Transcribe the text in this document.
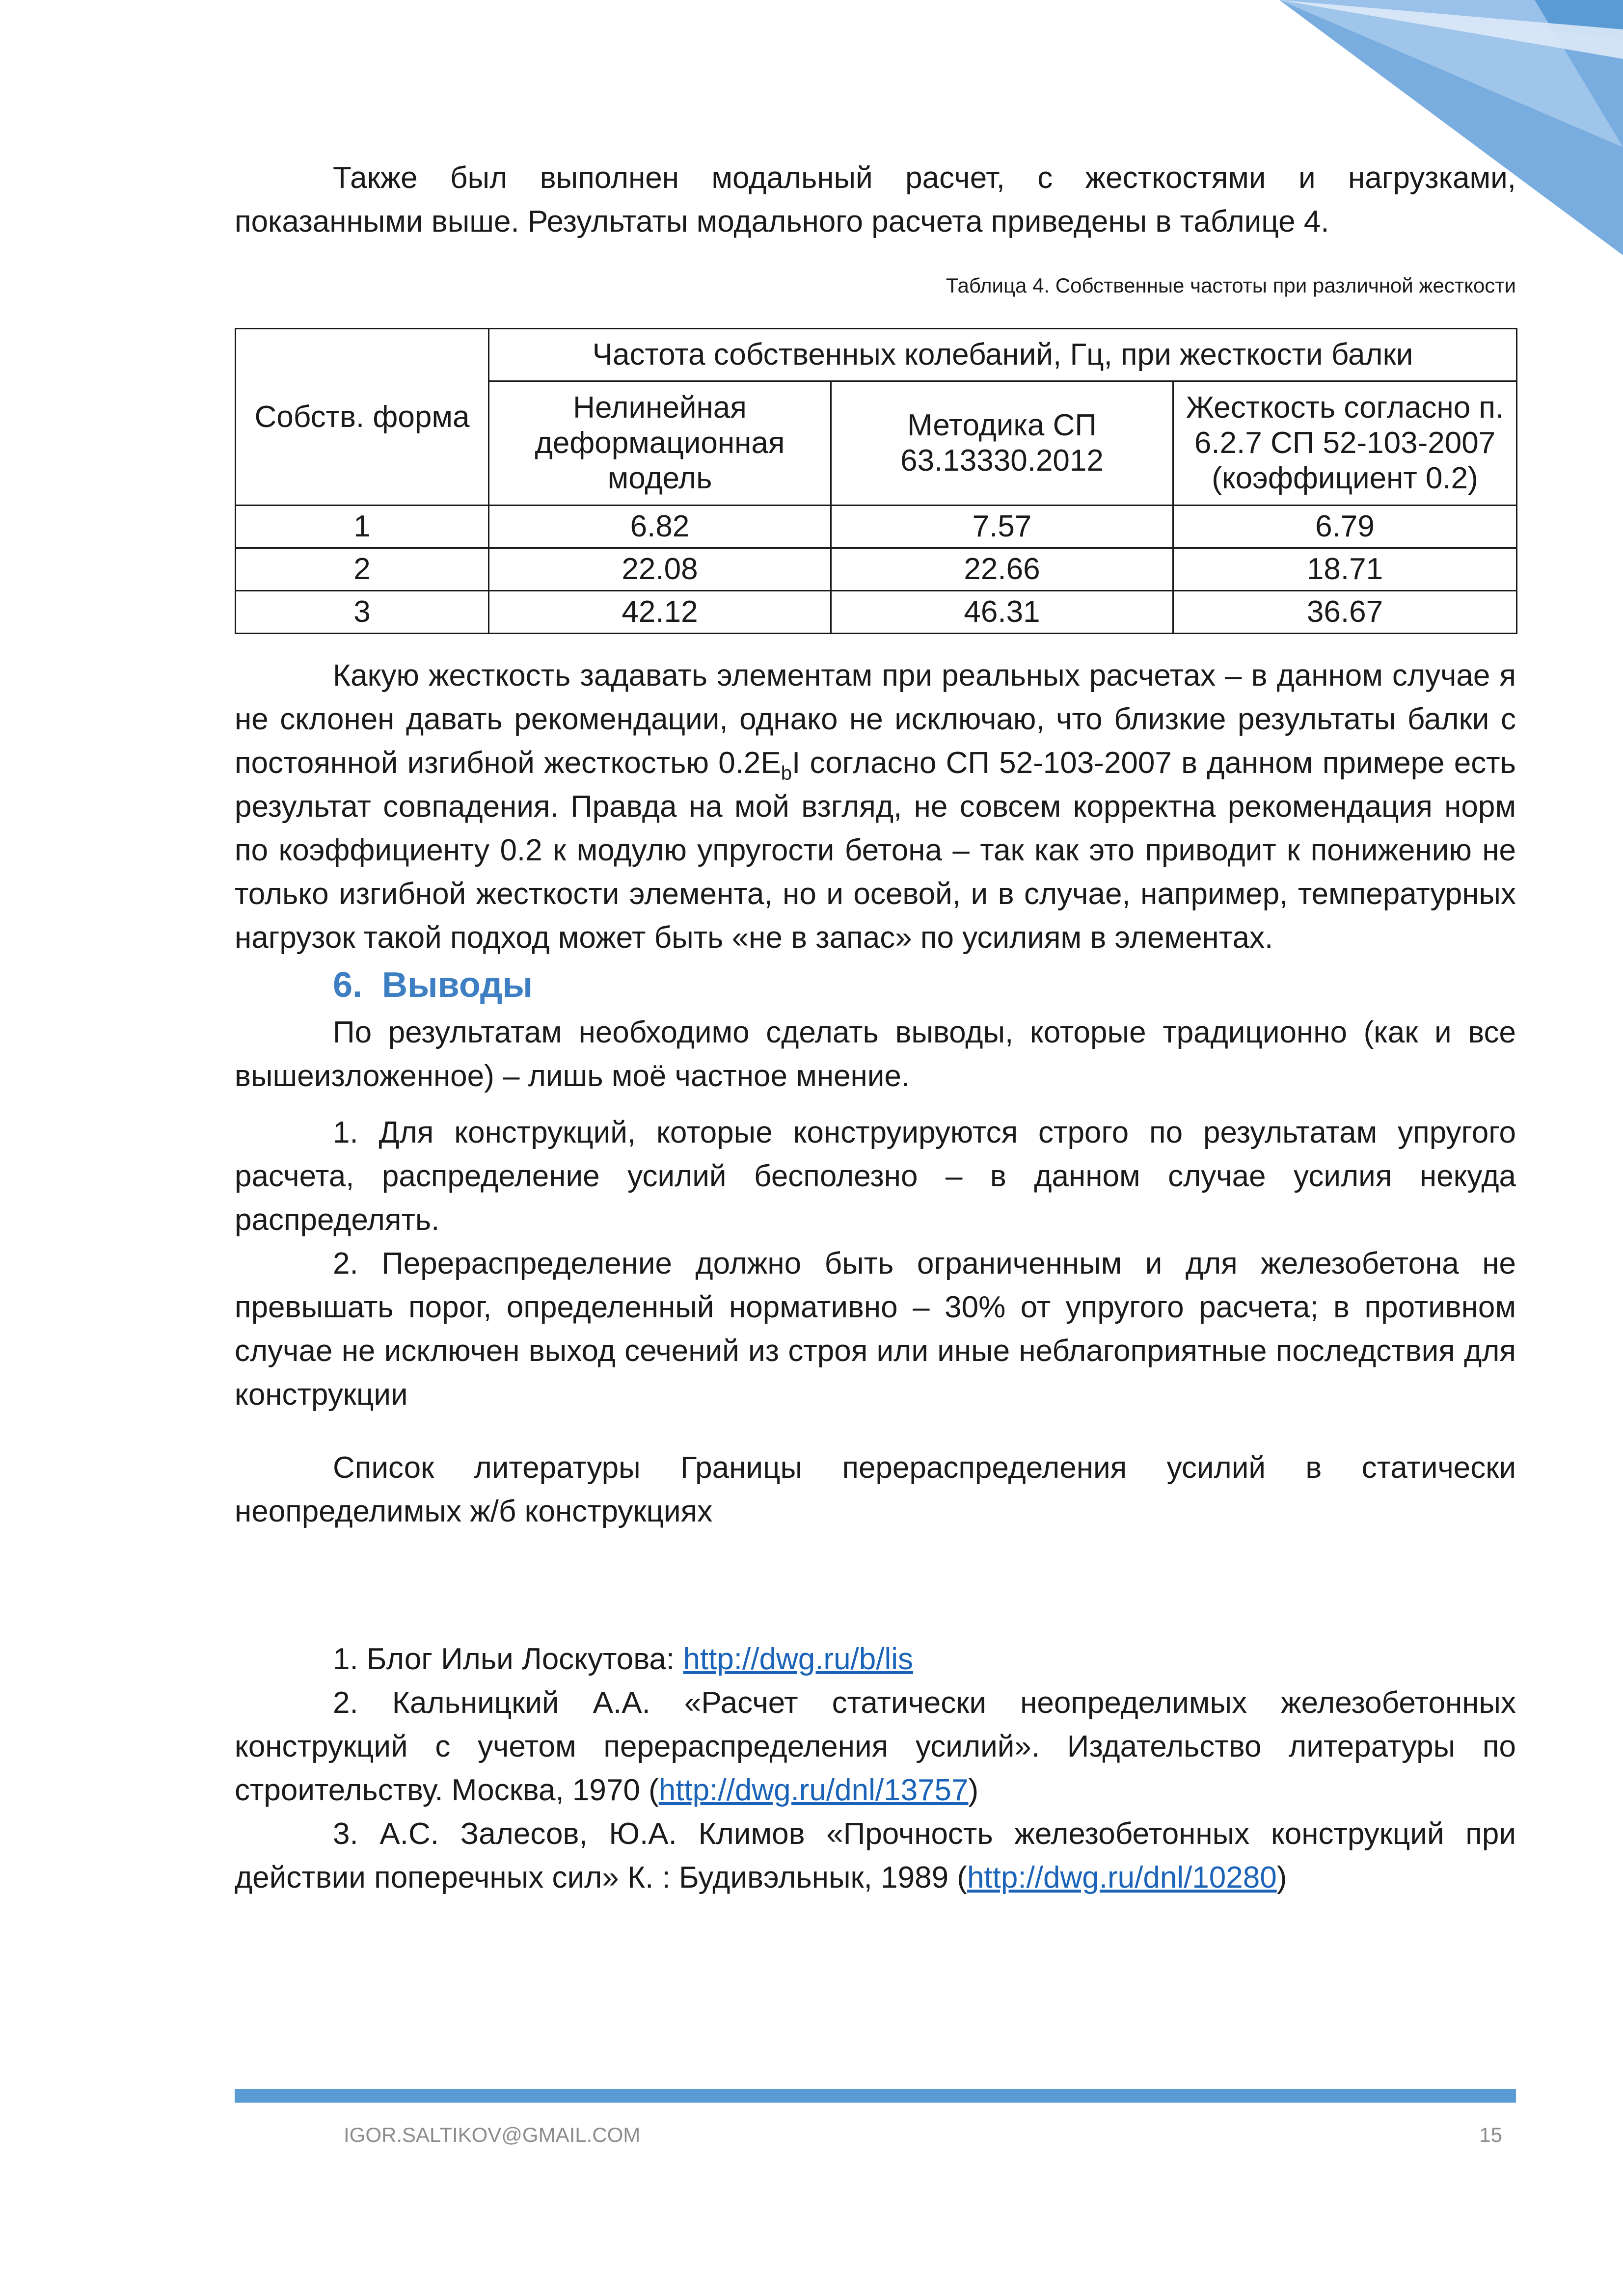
Также был выполнен модальный расчет, с жесткостями и нагрузками, показанными выше. Результаты модального расчета приведены в таблице 4.

Таблица 4. Собственные частоты при различной жесткости
Собств. форма	Частота собственных колебаний, Гц, при жесткости балки		
	Нелинейная деформационная модель	Методика СП 63.13330.2012	Жесткость согласно п. 6.2.7 СП 52-103-2007 (коэффициент 0.2)
1	6.82	7.57	6.79
2	22.08	22.66	18.71
3	42.12	46.31	36.67

Какую жесткость задавать элементам при реальных расчетах – в данном случае я не склонен давать рекомендации, однако не исключаю, что близкие результаты балки с постоянной изгибной жесткостью $0.2E_bI$ согласно СП 52-103-2007 в данном примере есть результат совпадения. Правда на мой взгляд, не совсем корректна рекомендация норм по коэффициенту 0.2 к модулю упругости бетона – так как это приводит к понижению не только изгибной жесткости элемента, но и осевой, и в случае, например, температурных нагрузок такой подход может быть «не в запас» по усилиям в элементах.

6. Выводы

По результатам необходимо сделать выводы, которые традиционно (как и все вышеизложенное) – лишь моё частное мнение.

1. Для конструкций, которые конструируются строго по результатам упругого расчета, распределение усилий бесполезно – в данном случае усилия некуда распределять.

2. Перераспределение должно быть ограниченным и для железобетона не превышать порог, определенный нормативно – 30% от упругого расчета; в противном случае не исключен выход сечений из строя или иные неблагоприятные последствия для конструкции

Список литературы Границы перераспределения усилий в статически неопределимых ж/б конструкциях

1. Блог Ильи Лоскутова: http://dwg.ru/b/lis

2. Кальницкий А.А. «Расчет статически неопределимых железобетонных конструкций с учетом перераспределения усилий». Издательство литературы по строительству. Москва, 1970 (http://dwg.ru/dnl/13757)

3. А.С. Залесов, Ю.А. Климов «Прочность железобетонных конструкций при действии поперечных сил» К. : Будивэльнык, 1989 (http://dwg.ru/dnl/10280)

IGOR.SALTIKOV@GMAIL.COM	15
